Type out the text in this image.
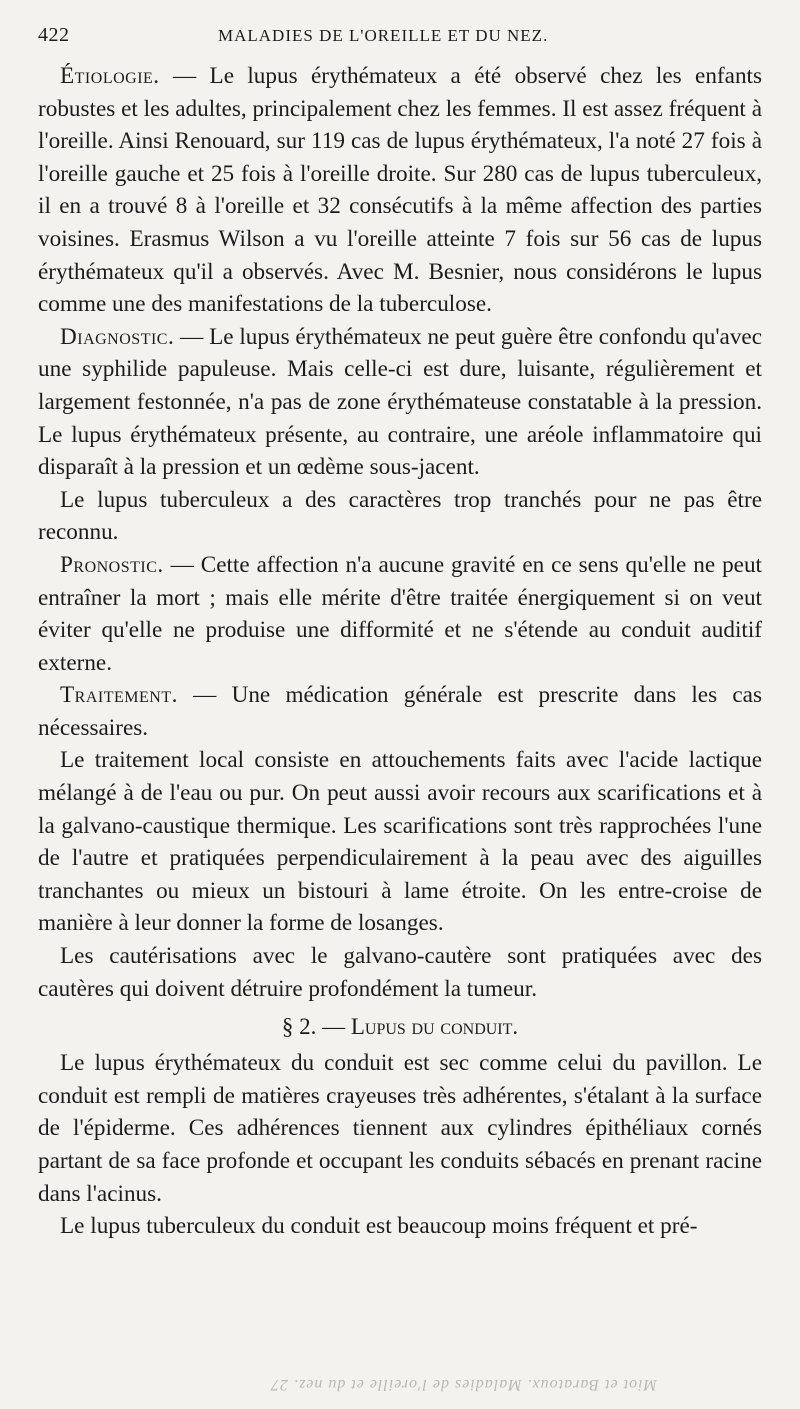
422	MALADIES DE L'OREILLE ET DU NEZ.

Étiologie. — Le lupus érythémateux a été observé chez les enfants robustes et les adultes, principalement chez les femmes. Il est assez fréquent à l'oreille. Ainsi Renouard, sur 119 cas de lupus érythémateux, l'a noté 27 fois à l'oreille gauche et 25 fois à l'oreille droite. Sur 280 cas de lupus tuberculeux, il en a trouvé 8 à l'oreille et 32 consécutifs à la même affection des parties voisines. Erasmus Wilson a vu l'oreille atteinte 7 fois sur 56 cas de lupus érythémateux qu'il a observés. Avec M. Besnier, nous considérons le lupus comme une des manifestations de la tuberculose.

Diagnostic. — Le lupus érythémateux ne peut guère être confondu qu'avec une syphilide papuleuse. Mais celle-ci est dure, luisante, régulièrement et largement festonnée, n'a pas de zone érythémateuse constatable à la pression. Le lupus érythémateux présente, au contraire, une aréole inflammatoire qui disparaît à la pression et un œdème sous-jacent.

Le lupus tuberculeux a des caractères trop tranchés pour ne pas être reconnu.

Pronostic. — Cette affection n'a aucune gravité en ce sens qu'elle ne peut entraîner la mort ; mais elle mérite d'être traitée énergiquement si on veut éviter qu'elle ne produise une difformité et ne s'étende au conduit auditif externe.

Traitement. — Une médication générale est prescrite dans les cas nécessaires.

Le traitement local consiste en attouchements faits avec l'acide lactique mélangé à de l'eau ou pur. On peut aussi avoir recours aux scarifications et à la galvano-caustique thermique. Les scarifications sont très rapprochées l'une de l'autre et pratiquées perpendiculairement à la peau avec des aiguilles tranchantes ou mieux un bistouri à lame étroite. On les entre-croise de manière à leur donner la forme de losanges.

Les cautérisations avec le galvano-cautère sont pratiquées avec des cautères qui doivent détruire profondément la tumeur.

§ 2. — Lupus du conduit.

Le lupus érythémateux du conduit est sec comme celui du pavillon. Le conduit est rempli de matières crayeuses très adhérentes, s'étalant à la surface de l'épiderme. Ces adhérences tiennent aux cylindres épithéliaux cornés partant de sa face profonde et occupant les conduits sébacés en prenant racine dans l'acinus.

Le lupus tuberculeux du conduit est beaucoup moins fréquent et pré-

Miot et Baratoux. Maladies de l'oreille et du nez. 27
